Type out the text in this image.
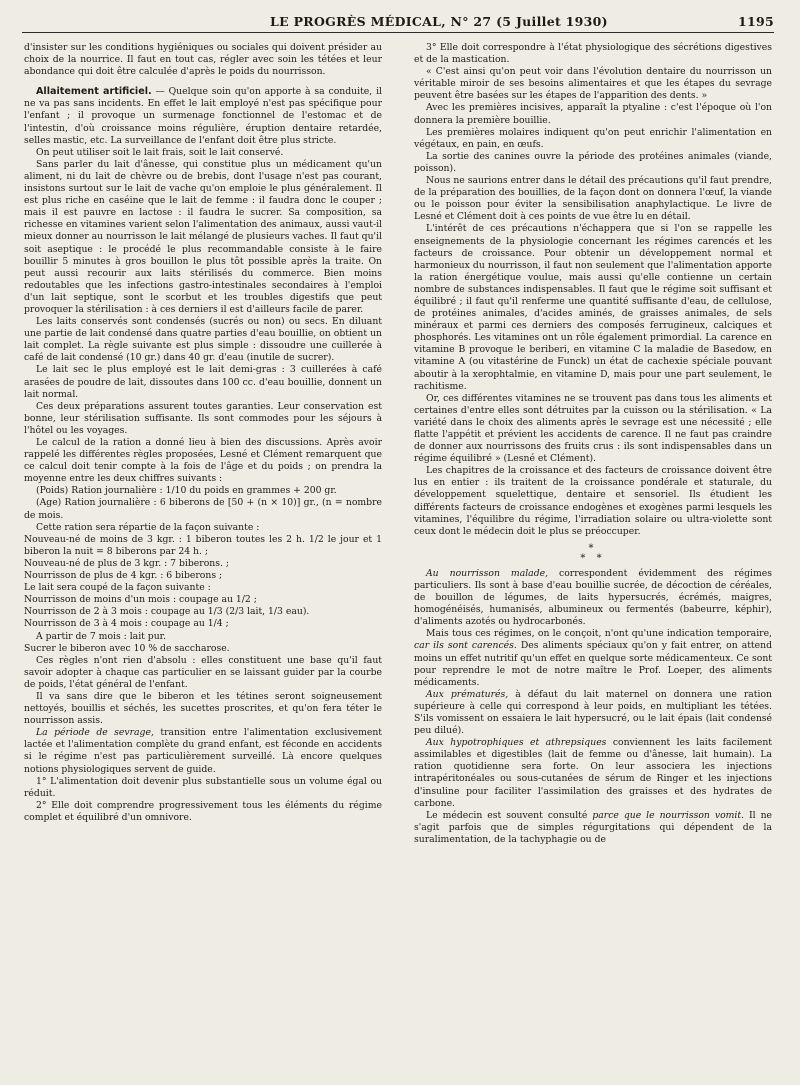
LE PROGRÈS MÉDICAL, N° 27 (5 Juillet 1930)	1195

d'insister sur les conditions hygiéniques ou sociales qui doivent présider au choix de la nourrice. Il faut en tout cas, régler avec soin les tétées et leur abondance qui doit être calculée d'après le poids du nourrisson.

Allaitement artificiel. — Quelque soin qu'on apporte à sa conduite, il ne va pas sans incidents. En effet le lait employé n'est pas spécifique pour l'enfant ; il provoque un surmenage fonctionnel de l'estomac et de l'intestin, d'où croissance moins régulière, éruption dentaire retardée, selles mastic, etc. La surveillance de l'enfant doit être plus stricte.

On peut utiliser soit le lait frais, soit le lait conservé.

Sans parler du lait d'ânesse, qui constitue plus un médicament qu'un aliment, ni du lait de chèvre ou de brebis, dont l'usage n'est pas courant, insistons surtout sur le lait de vache qu'on emploie le plus généralement. Il est plus riche en caséine que le lait de femme : il faudra donc le couper ; mais il est pauvre en lactose : il faudra le sucrer. Sa composition, sa richesse en vitamines varient selon l'alimentation des animaux, aussi vaut-il mieux donner au nourrisson le lait mélangé de plusieurs vaches. Il faut qu'il soit aseptique : le procédé le plus recommandable consiste à le faire bouillir 5 minutes à gros bouillon le plus tôt possible après la traite. On peut aussi recourir aux laits stérilisés du commerce. Bien moins redoutables que les infections gastro-intestinales secondaires à l'emploi d'un lait septique, sont le scorbut et les troubles digestifs que peut provoquer la stérilisation : à ces derniers il est d'ailleurs facile de parer.

Les laits conservés sont condensés (sucrés ou non) ou secs. En diluant une partie de lait condensé dans quatre parties d'eau bouillie, on obtient un lait complet. La règle suivante est plus simple : dissoudre une cuillerée à café de lait condensé (10 gr.) dans 40 gr. d'eau (inutile de sucrer).

Le lait sec le plus employé est le lait demi-gras : 3 cuillerées à café arasées de poudre de lait, dissoutes dans 100 cc. d'eau bouillie, donnent un lait normal.

Ces deux préparations assurent toutes garanties. Leur conservation est bonne, leur stérilisation suffisante. Ils sont commodes pour les séjours à l'hôtel ou les voyages.

Le calcul de la ration a donné lieu à bien des discussions. Après avoir rappelé les différentes règles proposées, Lesné et Clément remarquent que ce calcul doit tenir compte à la fois de l'âge et du poids ; on prendra la moyenne entre les deux chiffres suivants :

(Poids) Ration journalière : 1/10 du poids en grammes + 200 gr.

(Age) Ration journalière : 6 biberons de [50 + (n × 10)] gr., (n = nombre de mois.

Cette ration sera répartie de la façon suivante :

Nouveau-né de moins de 3 kgr. : 1 biberon toutes les 2 h. 1/2 le jour et 1 biberon la nuit = 8 biberons par 24 h. ;

Nouveau-né de plus de 3 kgr. : 7 biberons. ;

Nourrisson de plus de 4 kgr. : 6 biberons ;

Le lait sera coupé de la façon suivante :

Nourrisson de moins d'un mois : coupage au 1/2 ;

Nourrisson de 2 à 3 mois : coupage au 1/3 (2/3 lait, 1/3 eau).

Nourrisson de 3 à 4 mois : coupage au 1/4 ;

A partir de 7 mois : lait pur.

Sucrer le biberon avec 10 % de saccharose.

Ces règles n'ont rien d'absolu : elles constituent une base qu'il faut savoir adopter à chaque cas particulier en se laissant guider par la courbe de poids, l'état général de l'enfant.

Il va sans dire que le biberon et les tétines seront soigneusement nettoyés, bouillis et séchés, les sucettes proscrites, et qu'on fera téter le nourrisson assis.

La période de sevrage, transition entre l'alimentation exclusivement lactée et l'alimentation complète du grand enfant, est féconde en accidents si le régime n'est pas particulièrement surveillé. Là encore quelques notions physiologiques servent de guide.

1° L'alimentation doit devenir plus substantielle sous un volume égal ou réduit.

2° Elle doit comprendre progressivement tous les éléments du régime complet et équilibré d'un omnivore.

3° Elle doit correspondre à l'état physiologique des sécrétions digestives et de la mastication.

« C'est ainsi qu'on peut voir dans l'évolution dentaire du nourrisson un véritable miroir de ses besoins alimentaires et que les étapes du sevrage peuvent être basées sur les étapes de l'apparition des dents. »

Avec les premières incisives, apparaît la ptyaline : c'est l'époque où l'on donnera la première bouillie.

Les premières molaires indiquent qu'on peut enrichir l'alimentation en végétaux, en pain, en œufs.

La sortie des canines ouvre la période des protéines animales (viande, poisson).

Nous ne saurions entrer dans le détail des précautions qu'il faut prendre, de la préparation des bouillies, de la façon dont on donnera l'œuf, la viande ou le poisson pour éviter la sensibilisation anaphylactique. Le livre de Lesné et Clément doit à ces points de vue être lu en détail.

L'intérêt de ces précautions n'échappera que si l'on se rappelle les enseignements de la physiologie concernant les régimes carencés et les facteurs de croissance. Pour obtenir un développement normal et harmonieux du nourrisson, il faut non seulement que l'alimentation apporte la ration énergétique voulue, mais aussi qu'elle contienne un certain nombre de substances indispensables. Il faut que le régime soit suffisant et équilibré ; il faut qu'il renferme une quantité suffisante d'eau, de cellulose, de protéines animales, d'acides aminés, de graisses animales, de sels minéraux et parmi ces derniers des composés ferrugineux, calciques et phosphorés. Les vitamines ont un rôle également primordial. La carence en vitamine B provoque le beriberi, en vitamine C la maladie de Basedow, en vitamine A (ou vitastérine de Funck) un état de cachexie spéciale pouvant aboutir à la xerophtalmie, en vitamine D, mais pour une part seulement, le rachitisme.

Or, ces différentes vitamines ne se trouvent pas dans tous les aliments et certaines d'entre elles sont détruites par la cuisson ou la stérilisation. « La variété dans le choix des aliments après le sevrage est une nécessité ; elle flatte l'appétit et prévient les accidents de carence. Il ne faut pas craindre de donner aux nourrissons des fruits crus : ils sont indispensables dans un régime équilibré » (Lesné et Clément).

Les chapitres de la croissance et des facteurs de croissance doivent être lus en entier : ils traitent de la croissance pondérale et staturale, du développement squelettique, dentaire et sensoriel. Ils étudient les différents facteurs de croissance endogènes et exogènes parmi lesquels les vitamines, l'équilibre du régime, l'irradiation solaire ou ultra-violette sont ceux dont le médecin doit le plus se préoccuper.

*
* *

Au nourrisson malade, correspondent évidemment des régimes particuliers. Ils sont à base d'eau bouillie sucrée, de décoction de céréales, de bouillon de légumes, de laits hypersucrés, écrémés, maigres, homogénéisés, humanisés, albumineux ou fermentés (babeurre, képhir), d'aliments azotés ou hydrocarbonés.

Mais tous ces régimes, on le conçoit, n'ont qu'une indication temporaire, car ils sont carencés. Des aliments spéciaux qu'on y fait entrer, on attend moins un effet nutritif qu'un effet en quelque sorte médicamenteux. Ce sont pour reprendre le mot de notre maître le Prof. Loeper, des aliments médicaments.

Aux prématurés, à défaut du lait maternel on donnera une ration supérieure à celle qui correspond à leur poids, en multipliant les tétées. S'ils vomissent on essaiera le lait hypersucré, ou le lait épais (lait condensé peu dilué).

Aux hypotrophiques et athrepsiques conviennent les laits facilement assimilables et digestibles (lait de femme ou d'ânesse, lait humain). La ration quotidienne sera forte. On leur associera les injections intrapéritonéales ou sous-cutanées de sérum de Ringer et les injections d'insuline pour faciliter l'assimilation des graisses et des hydrates de carbone.

Le médecin est souvent consulté parce que le nourrisson vomit. Il ne s'agit parfois que de simples régurgitations qui dépendent de la suralimentation, de la tachyphagie ou de
